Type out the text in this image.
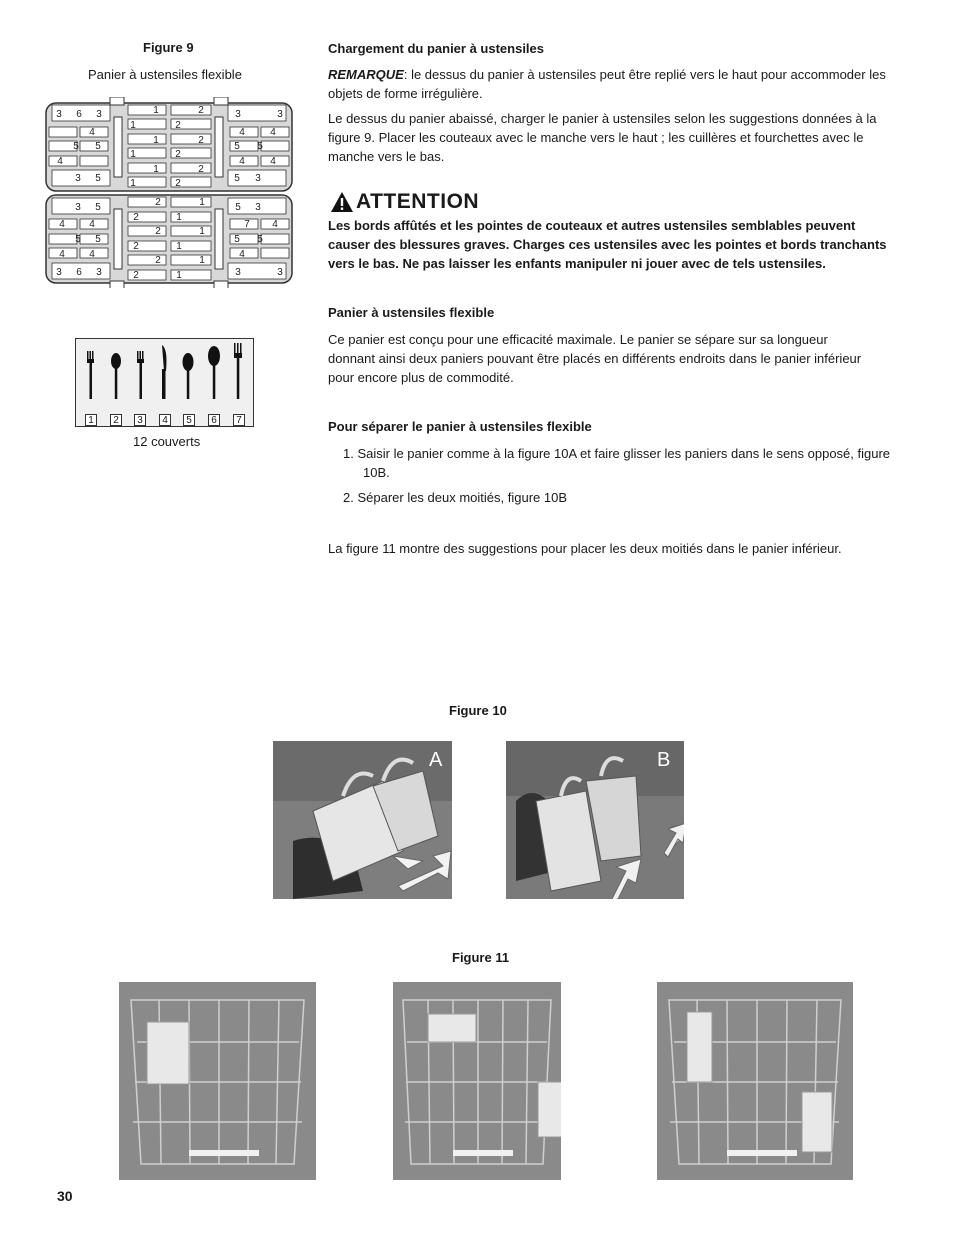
Figure 9
Panier à ustensiles flexible
3 6 3
4
5 5
4
3 5
1	2
1	2
1	2
1	2
1	2
1	2
3	3
4	4
5 5
4	4
5 3
3 5
4 4
5 5
4 4
3 6 3
2	1
2	1
2	1
2	1
2	1
2	1
5 3
7 4
5 5
4
3	3
1	2	3	4	5	6	7
12 couverts
Chargement du panier à ustensiles
REMARQUE: le dessus du panier à ustensiles peut être replié vers le haut pour accommoder les objets de forme irrégulière.
Le dessus du panier abaissé, charger le panier à ustensiles selon les suggestions données à la figure 9. Placer les couteaux avec le manche vers le haut ; les cuillères et fourchettes avec le manche vers le bas.
ATTENTION
Les bords affûtés et les pointes de couteaux et autres ustensiles semblables peuvent causer des blessures graves. Charges ces ustensiles avec les pointes et bords tranchants vers le bas. Ne pas laisser les enfants manipuler ni jouer avec de tels ustensiles.
Panier à ustensiles flexible
Ce panier est conçu pour une efficacité maximale. Le panier se sépare sur sa longueur donnant ainsi deux paniers pouvant être placés en différents endroits dans le panier inférieur pour encore plus de commodité.
Pour séparer le panier à ustensiles flexible
1. Saisir le panier comme à la figure 10A et faire glisser les paniers dans le sens opposé, figure 10B.
2. Séparer les deux moitiés, figure 10B
La figure 11 montre des suggestions pour placer les deux moitiés dans le panier inférieur.
Figure 10
A	B
Figure 11
30
